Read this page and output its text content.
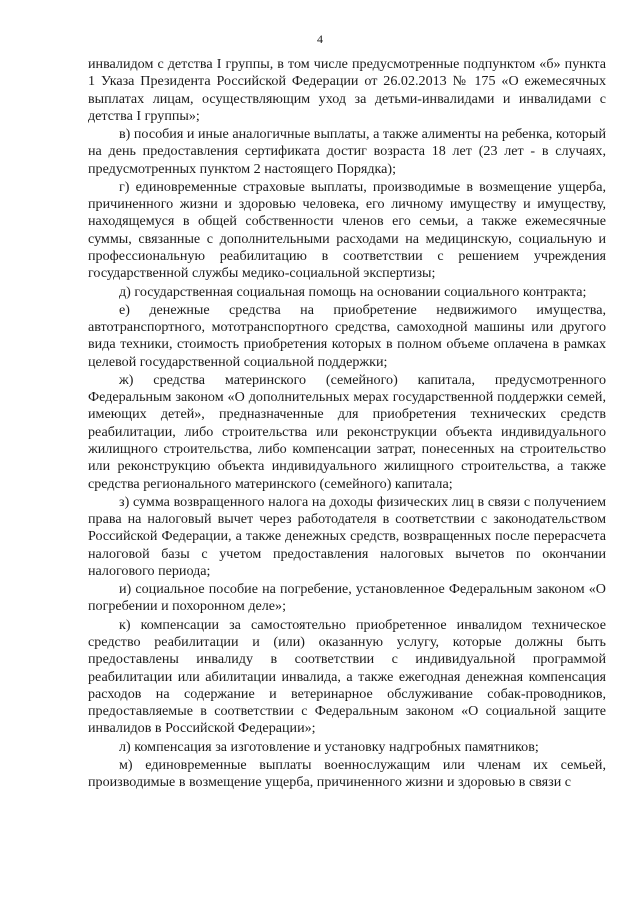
4

инвалидом с детства I группы, в том числе предусмотренные подпунктом «б» пункта 1 Указа Президента Российской Федерации от 26.02.2013 № 175 «О ежемесячных выплатах лицам, осуществляющим уход за детьми-инвалидами и инвалидами с детства I группы»;

в) пособия и иные аналогичные выплаты, а также алименты на ребенка, который на день предоставления сертификата достиг возраста 18 лет (23 лет - в случаях, предусмотренных пунктом 2 настоящего Порядка);

г) единовременные страховые выплаты, производимые в возмещение ущерба, причиненного жизни и здоровью человека, его личному имуществу и имуществу, находящемуся в общей собственности членов его семьи, а также ежемесячные суммы, связанные с дополнительными расходами на медицинскую, социальную и профессиональную реабилитацию в соответствии с решением учреждения государственной службы медико-социальной экспертизы;

д) государственная социальная помощь на основании социального контракта;

е) денежные средства на приобретение недвижимого имущества, автотранспортного, мототранспортного средства, самоходной машины или другого вида техники, стоимость приобретения которых в полном объеме оплачена в рамках целевой государственной социальной поддержки;

ж) средства материнского (семейного) капитала, предусмотренного Федеральным законом «О дополнительных мерах государственной поддержки семей, имеющих детей», предназначенные для приобретения технических средств реабилитации, либо строительства или реконструкции объекта индивидуального жилищного строительства, либо компенсации затрат, понесенных на строительство или реконструкцию объекта индивидуального жилищного строительства, а также средства регионального материнского (семейного) капитала;

з) сумма возвращенного налога на доходы физических лиц в связи с получением права на налоговый вычет через работодателя в соответствии с законодательством Российской Федерации, а также денежных средств, возвращенных после перерасчета налоговой базы с учетом предоставления налоговых вычетов по окончании налогового периода;

и) социальное пособие на погребение, установленное Федеральным законом «О погребении и похоронном деле»;

к) компенсации за самостоятельно приобретенное инвалидом техническое средство реабилитации и (или) оказанную услугу, которые должны быть предоставлены инвалиду в соответствии с индивидуальной программой реабилитации или абилитации инвалида, а также ежегодная денежная компенсация расходов на содержание и ветеринарное обслуживание собак-проводников, предоставляемые в соответствии с Федеральным законом «О социальной защите инвалидов в Российской Федерации»;

л) компенсация за изготовление и установку надгробных памятников;

м) единовременные выплаты военнослужащим или членам их семьей, производимые в возмещение ущерба, причиненного жизни и здоровью в связи с
